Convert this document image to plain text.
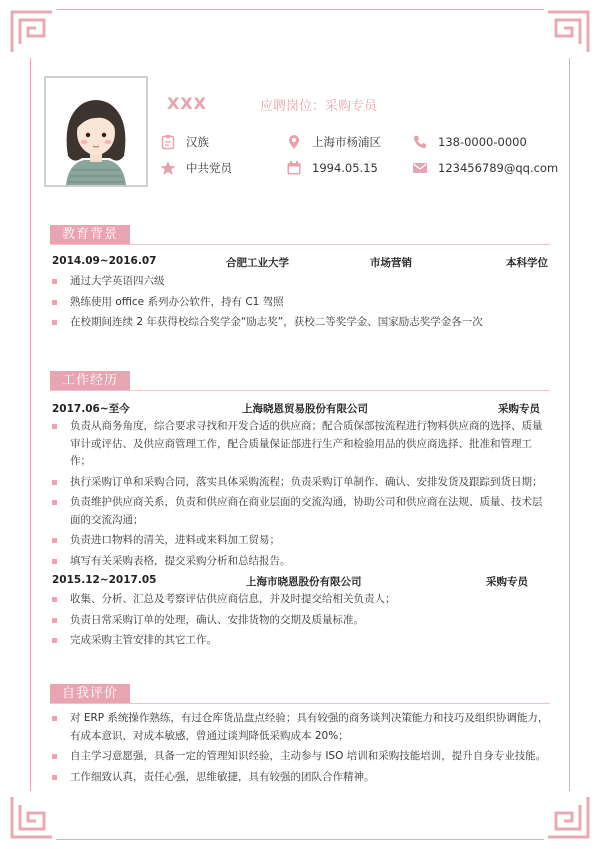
XXX	应聘岗位：采购专员
汉族	上海市杨浦区	138-0000-0000
中共党员	1994.05.15	123456789@qq.com
教育背景
2014.09~2016.07	合肥工业大学	市场营销	本科学位
通过大学英语四六级
熟练使用 office 系列办公软件，持有 C1 驾照
在校期间连续 2 年获得校综合奖学金“励志奖”，获校二等奖学金、国家励志奖学金各一次
工作经历
2017.06~至今	上海晓恩贸易股份有限公司	采购专员
负责从商务角度，综合要求寻找和开发合适的供应商；配合质保部按流程进行物料供应商的选择、质量审计或评估、及供应商管理工作，配合质量保证部进行生产和检验用品的供应商选择、批准和管理工作；
执行采购订单和采购合同，落实具体采购流程；负责采购订单制作、确认、安排发货及跟踪到货日期；
负责维护供应商关系，负责和供应商在商业层面的交流沟通，协助公司和供应商在法规、质量、技术层面的交流沟通；
负责进口物料的清关，进料或来料加工贸易；
填写有关采购表格，提交采购分析和总结报告。
2015.12~2017.05	上海市晓恩股份有限公司	采购专员
收集、分析、汇总及考察评估供应商信息，并及时提交给相关负责人；
负责日常采购订单的处理，确认、安排货物的交期及质量标准。
完成采购主管安排的其它工作。
自我评价
对 ERP 系统操作熟练，有过仓库货品盘点经验；具有较强的商务谈判决策能力和技巧及组织协调能力，有成本意识，对成本敏感，曾通过谈判降低采购成本 20%；
自主学习意愿强，具备一定的管理知识经验，主动参与 ISO 培训和采购技能培训，提升自身专业技能。
工作细致认真，责任心强，思维敏捷，具有较强的团队合作精神。
